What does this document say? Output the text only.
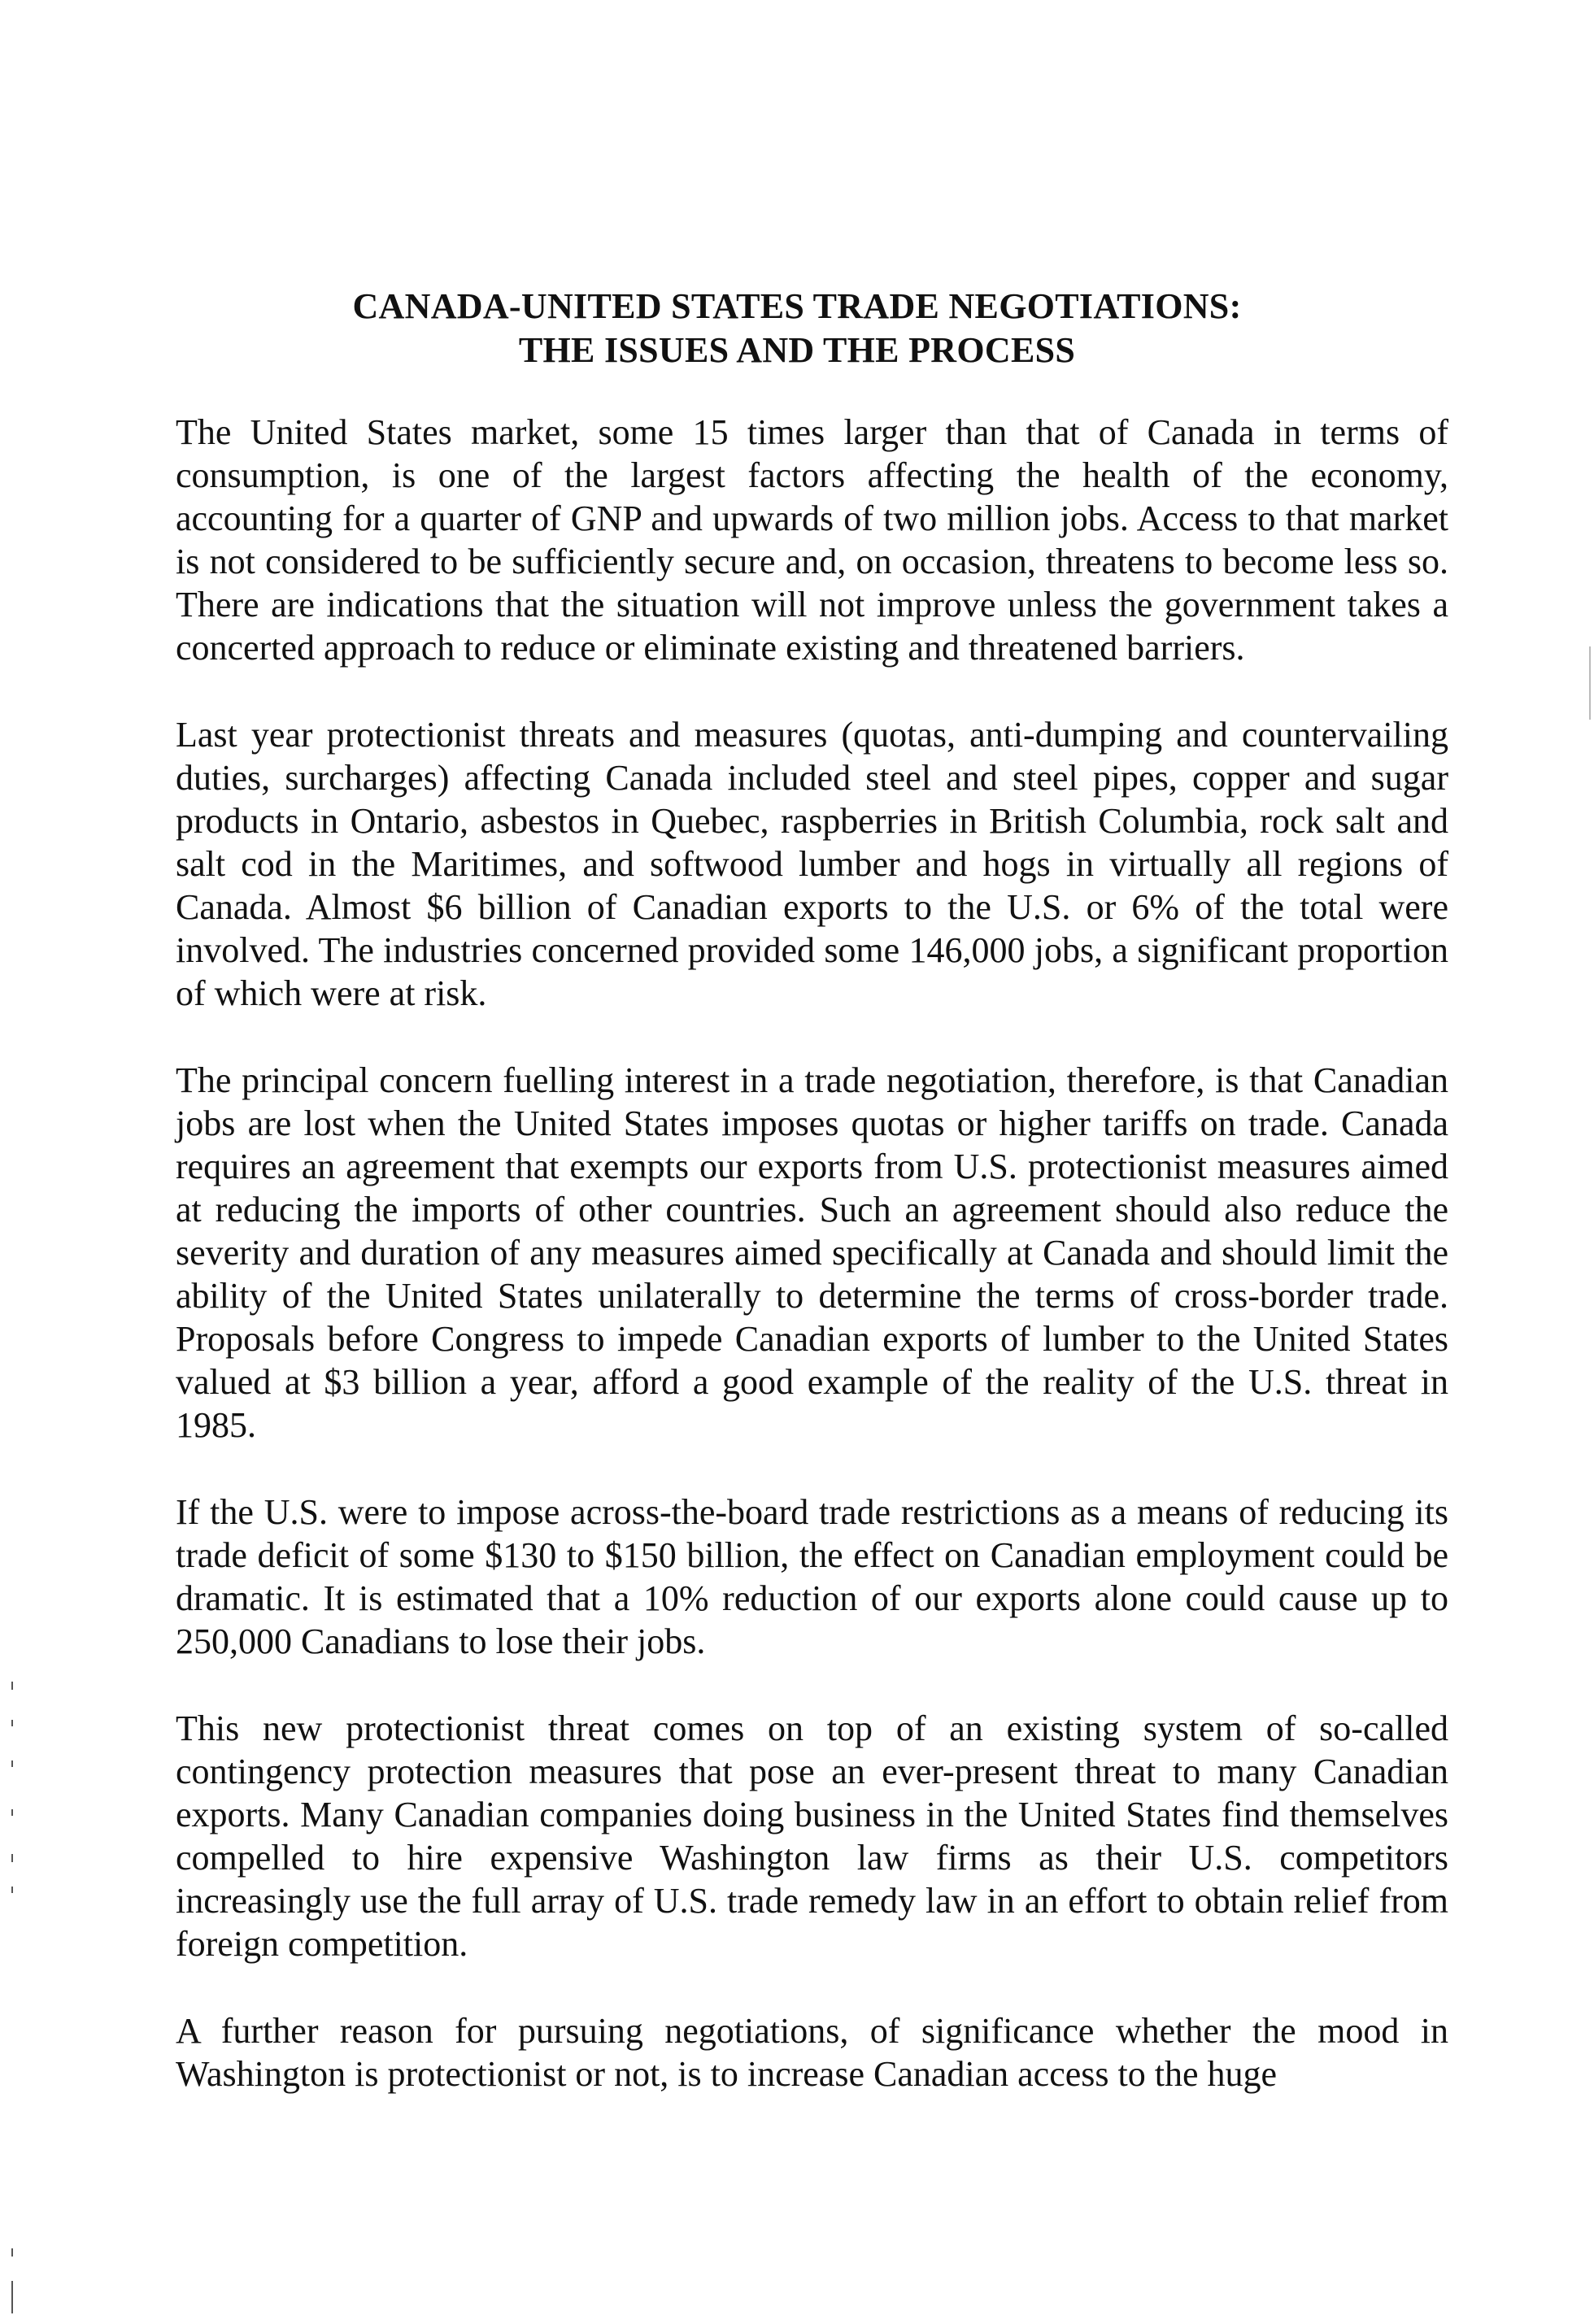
CANADA-UNITED STATES TRADE NEGOTIATIONS:
THE ISSUES AND THE PROCESS

The United States market, some 15 times larger than that of Canada in terms of consumption, is one of the largest factors affecting the health of the economy, accounting for a quarter of GNP and upwards of two million jobs. Access to that market is not considered to be sufficiently secure and, on occasion, threatens to become less so. There are indications that the situation will not improve unless the government takes a concerted approach to reduce or eliminate existing and threatened barriers.

Last year protectionist threats and measures (quotas, anti-dumping and countervailing duties, surcharges) affecting Canada included steel and steel pipes, copper and sugar products in Ontario, asbestos in Quebec, raspberries in British Columbia, rock salt and salt cod in the Maritimes, and softwood lumber and hogs in virtually all regions of Canada. Almost $6 billion of Canadian exports to the U.S. or 6% of the total were involved. The industries concerned provided some 146,000 jobs, a significant proportion of which were at risk.

The principal concern fuelling interest in a trade negotiation, therefore, is that Canadian jobs are lost when the United States imposes quotas or higher tariffs on trade. Canada requires an agreement that exempts our exports from U.S. protectionist measures aimed at reducing the imports of other countries. Such an agreement should also reduce the severity and duration of any measures aimed specifically at Canada and should limit the ability of the United States unilaterally to determine the terms of cross-border trade. Proposals before Congress to impede Canadian exports of lumber to the United States valued at $3 billion a year, afford a good example of the reality of the U.S. threat in 1985.

If the U.S. were to impose across-the-board trade restrictions as a means of reducing its trade deficit of some $130 to $150 billion, the effect on Canadian employment could be dramatic. It is estimated that a 10% reduction of our exports alone could cause up to 250,000 Canadians to lose their jobs.

This new protectionist threat comes on top of an existing system of so-called contingency protection measures that pose an ever-present threat to many Canadian exports. Many Canadian companies doing business in the United States find themselves compelled to hire expensive Washington law firms as their U.S. competitors increasingly use the full array of U.S. trade remedy law in an effort to obtain relief from foreign competition.

A further reason for pursuing negotiations, of significance whether the mood in Washington is protectionist or not, is to increase Canadian access to the huge
